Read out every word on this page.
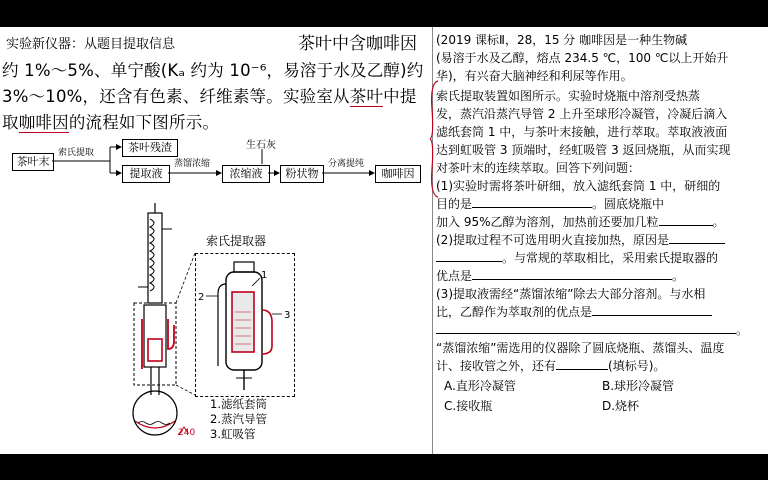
实验新仪器：从题目提取信息	茶叶中含咖啡因
约 1%～5%、单宁酸(Kₐ 约为 10⁻⁶，易溶于水及乙醇)约
3%～10%，还含有色素、纤维素等。实验室从茶叶中提
取咖啡因的流程如下图所示。
茶叶末
索氏提取	茶叶残渣
提取液
蒸馏浓缩
浓缩液
生石灰
粉状物
分离提纯
咖啡因
240
索氏提取器
2
1
3
1.滤纸套筒
2.蒸汽导管
3.虹吸管
(2019 课标Ⅱ，28，15 分 咖啡因是一种生物碱
(易溶于水及乙醇，熔点 234.5 ℃，100 ℃以上开始升
华)，有兴奋大脑神经和利尿等作用。
索氏提取装置如图所示。实验时烧瓶中溶剂受热蒸
发，蒸汽沿蒸汽导管 2 上升至球形冷凝管，冷凝后滴入
滤纸套筒 1 中，与茶叶末接触，进行萃取。萃取液液面
达到虹吸管 3 顶端时，经虹吸管 3 返回烧瓶，从而实现
对茶叶末的连续萃取。回答下列问题：
(1)实验时需将茶叶研细，放入滤纸套筒 1 中，研细的
目的是	。圆底烧瓶中
加入 95%乙醇为溶剂，加热前还要加几粒	。
(2)提取过程不可选用明火直接加热，原因是
。与常规的萃取相比，采用索氏提取器的
优点是	。
(3)提取液需经“蒸馏浓缩”除去大部分溶剂。与水相
比，乙醇作为萃取剂的优点是
。
“蒸馏浓缩”需选用的仪器除了圆底烧瓶、蒸馏头、温度
计、接收管之外，还有	(填标号)。
A.直形冷凝管	B.球形冷凝管
C.接收瓶	D.烧杯
